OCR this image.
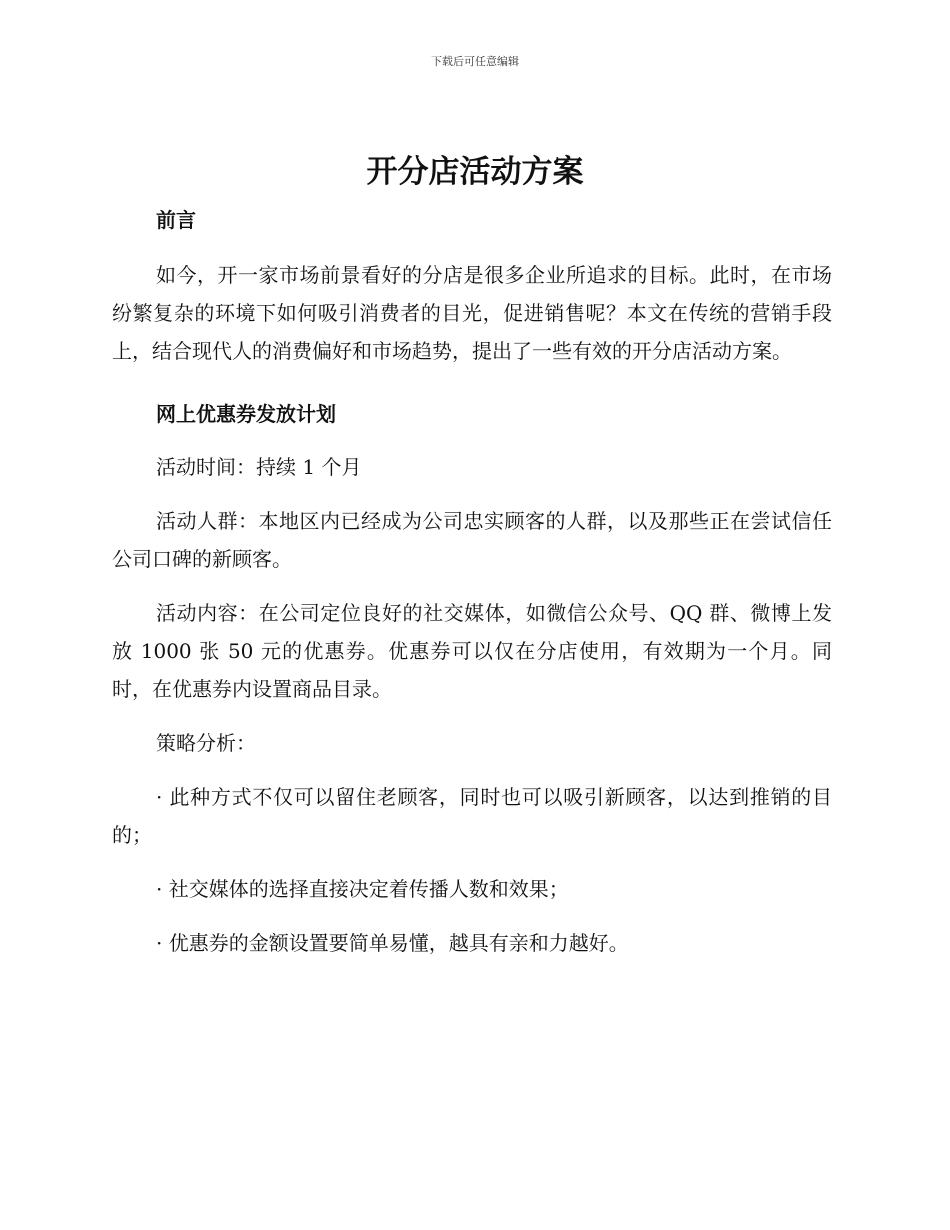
下载后可任意编辑
开分店活动方案

前言

如今，开一家市场前景看好的分店是很多企业所追求的目标。此时，在市场纷繁复杂的环境下如何吸引消费者的目光，促进销售呢？本文在传统的营销手段上，结合现代人的消费偏好和市场趋势，提出了一些有效的开分店活动方案。

网上优惠券发放计划

活动时间：持续 1 个月

活动人群：本地区内已经成为公司忠实顾客的人群，以及那些正在尝试信任公司口碑的新顾客。

活动内容：在公司定位良好的社交媒体，如微信公众号、QQ 群、微博上发放 1000 张 50 元的优惠券。优惠券可以仅在分店使用，有效期为一个月。同时，在优惠券内设置商品目录。

策略分析：

· 此种方式不仅可以留住老顾客，同时也可以吸引新顾客，以达到推销的目的；

· 社交媒体的选择直接决定着传播人数和效果；

· 优惠券的金额设置要简单易懂，越具有亲和力越好。
